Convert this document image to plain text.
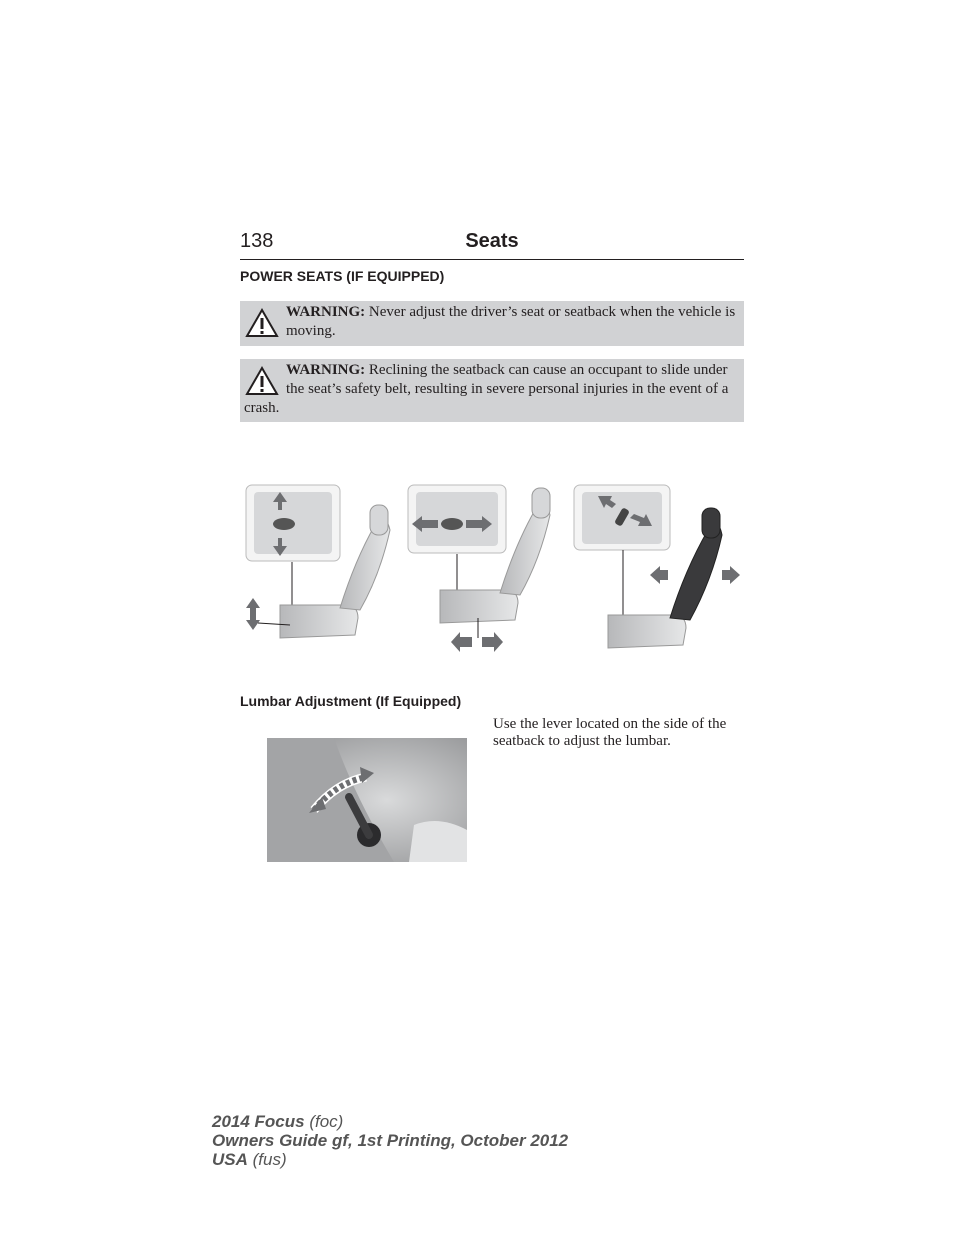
138	Seats
POWER SEATS (IF EQUIPPED)
WARNING: Never adjust the driver’s seat or seatback when the vehicle is moving.
WARNING: Reclining the seatback can cause an occupant to slide under the seat’s safety belt, resulting in severe personal injuries in the event of a crash.
Lumbar Adjustment (If Equipped)
Use the lever located on the side of the seatback to adjust the lumbar.
2014 Focus (foc)
Owners Guide gf, 1st Printing, October 2012
USA (fus)
